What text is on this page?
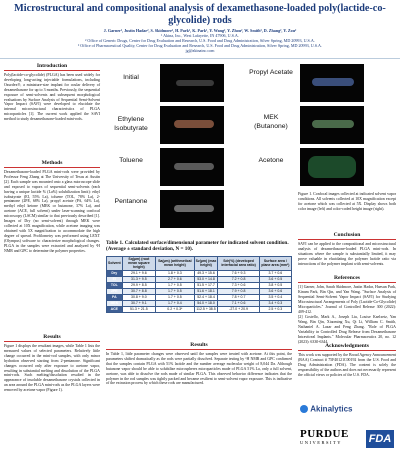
Microstructural and compositional analysis of dexamethasone-loaded poly(lactide-co-glycolide) rods
J. Garner¹, Justin Hadar², S. Skidmore¹, H. Park¹, K. Park¹, Y. Wang², Y. Zhou², W. Smith³, D. Zhang², Y. Zou²
¹ Akina, Inc., West Lafayette, IN 47906, U.S.A.
² Office of Generic Drugs, Center for Drug Evaluation and Research, U.S. Food and Drug Administration, Silver Spring, MD 20993, U.S.A.
³ Office of Pharmaceutical Quality, Center for Drug Evaluation and Research, U.S. Food and Drug Administration, Silver Spring, MD 20993, U.S.A.
jg@akinainc.com
Introduction
Poly(lactide-co-glycolide) (PLGA) has been used widely for developing long-acting injectable formulations, including Ozurdex®, a miniature-size implant for ocular delivery of dexamethasone for up to 3 months. Previously, the sequential exposure of semi-solvents and subsequent morphological evaluations by Surface Analysis of Sequential Semi-Solvent Vapor Impact (SAVI) were developed to elucidate the internal microstructural characteristics of PLGA microparticles [1]. The current work applied the SAVI method to study dexamethasone-loaded mini-rods.
Methods
Dexamethasone-loaded PLGA mini-rods were provided by Professor Feng Zhang at The University of Texas at Austin [2]. Each sample was mounted onto a glass microscope slide and exposed to vapors of sequential semi-solvents (each having a unique lactide % (La%) solubilization limit): ethyl isobutyrate (EI, 55% La), toluene (TOL, 78% La), 2-pentanone (2PE, 68% La), propyl acetate (PA, 64% La), methyl ethyl ketone (MEK or butanone, 37% La), and acetone (ACE, full solvent) under laser-scanning confocal microscopy (LSCM) similar to that previously described [1]. Images of Dry (no semi-solvent) through MEK were collected at 10X magnification, while acetone imaging was obtained with 5X magnification to accommodate the high degree of spread. Profilometry was performed using LEXT (Olympus) software to characterize morphological changes. PLGA in the samples were extracted and analyzed by ¹H NMR and GPC to determine the polymer properties.
Results
Figure 1 displays the resultant images, while Table 1 lists the measured values of selected parameters. Relatively little change occurred in the mini-rod samples, with only minor hydration observed starting from 2-pentanone. Significant changes occurred only after exposure to acetone vapor, resulting in substantial melting and dissolution of the PLGA mini-rods. Such melting/dissolution resulted in the appearance of insoluble dexamethasone crystals collected in an area around the PLGA mini-rods as the PLGA layers were removed by acetone vapor (Figure 1).
Initial
Ethylene Isobutyrate
Toluene
Pentanone
Propyl Acetate
MEK (Butanone)
Acetone
Figure 1. Confocal images collected at indicated solvent vapor conditions. All solvents collected at 10X magnification except for acetone which was collected at 5X. Display shows both color image (left) and color-coded height image (right).
Table 1. Calculated surface/dimensional parameter for indicated solvent condition. (Average ± standard deviation, N = 10).
Solvent	Sq(µm) (root mean square height)	Sa(µm) (arithmetical mean height)	Sz(µm) (max height)	Sdr(%) (developed interfacial area ratio)	Surface area / plane area (mm²)
Dry	29.1 + 9.6	1.8 + 0.3	49.3 + 15.6	7.6 + 9.3	3.7 + 0.6
EI	31.3 + 9.5	2.7 + 0.6	53.0 + 14.8	7.2 + 0.8	3.6 + 0.5
TOL	29.9 + 8.5	1.7 + 0.5	51.5 + 17.7	7.3 + 0.6	3.8 + 0.5
2PE	30.7 + 8.8	1.7 + 0.5	51.6 + 18.1	7.9 + 0.8	3.6 + 0.6
PA	30.8 + 9.0	1.7 + 0.5	52.4 + 18.4	7.8 + 0.7	3.5 + 0.4
MEK	30.7 + 9.1	1.7 + 0.4	54.0 + 18.0	7.1 + 0.6	3.4 + 0.3
ACE	51.3 + 21.5	0.2 + 0.3*	112.5 + 38.5	-27.0 + 20.9	2.5 + 0.3
Results
In Table 1, little parameter changes were observed until the samples were treated with acetone. At this point, the parameters shifted dramatically as the rods were partially dissolved. Separate testing by ¹H NMR and GPC confirmed that the samples contain PLGA with 51% lactide and the number average molecular weight of 8,044 Da. Although butanone vapor should be able to solubilize microspheres microparticles made of PLGA 51% La, only a full solvent, acetone, was able to dissolve the rods made of similar PLGA. This observed behavior difference indicates that the polymer in the rod samples was tightly packed and became resilient to semi-solvent vapor exposure. This is indicative of the extrusion process by which these rods are manufactured.
Conclusion
SAVI can be applied to the compositional and microstructural analysis of dexamethasone-loaded PLGA mini-rods. In situations where the sample is substantially limited, it may prove valuable in elucidating the polymer lactide ratio via interactions of the polymer implant with semi-solvents.
References
[1] Garner, John, Sarah Skidmore, Justin Hadar, Haesun Park, Kinam Park, Bin Qin, and Yan Wang. "Surface Analysis of Sequential Semi-Solvent Vapor Impact (SAVI) for Studying Microstructural Arrangements of Poly (Lactide-Co-Glycolide) Microparticles." Journal of Controlled Release 300 (2022): 409-412.
[2] Costello, Mark A., Joseph Liu, Louise Kaelxetz, Yan Wang, Bin Qin, Xiaoming Xu, Qi Li, William C. Smith, Nathaniel A. Lazar and Feng Zhang. "Role of PLGA Variability in Controlled Drug Release from Dexamethasone Intravitreal Implants." Molecular Pharmaceutics 20, no. 12 (2023): 6330-6344.
Acknowledgments
This work was supported by the Broad Agency Announcement (BAA) Contract # 75F40121C00192 from the U.S. Food and Drug Administration (FDA). The content is solely the responsibility of the authors and does not necessarily represent the official views or policies of the U.S. FDA.
Akinalytics
PURDUE
UNIVERSITY	FDA
